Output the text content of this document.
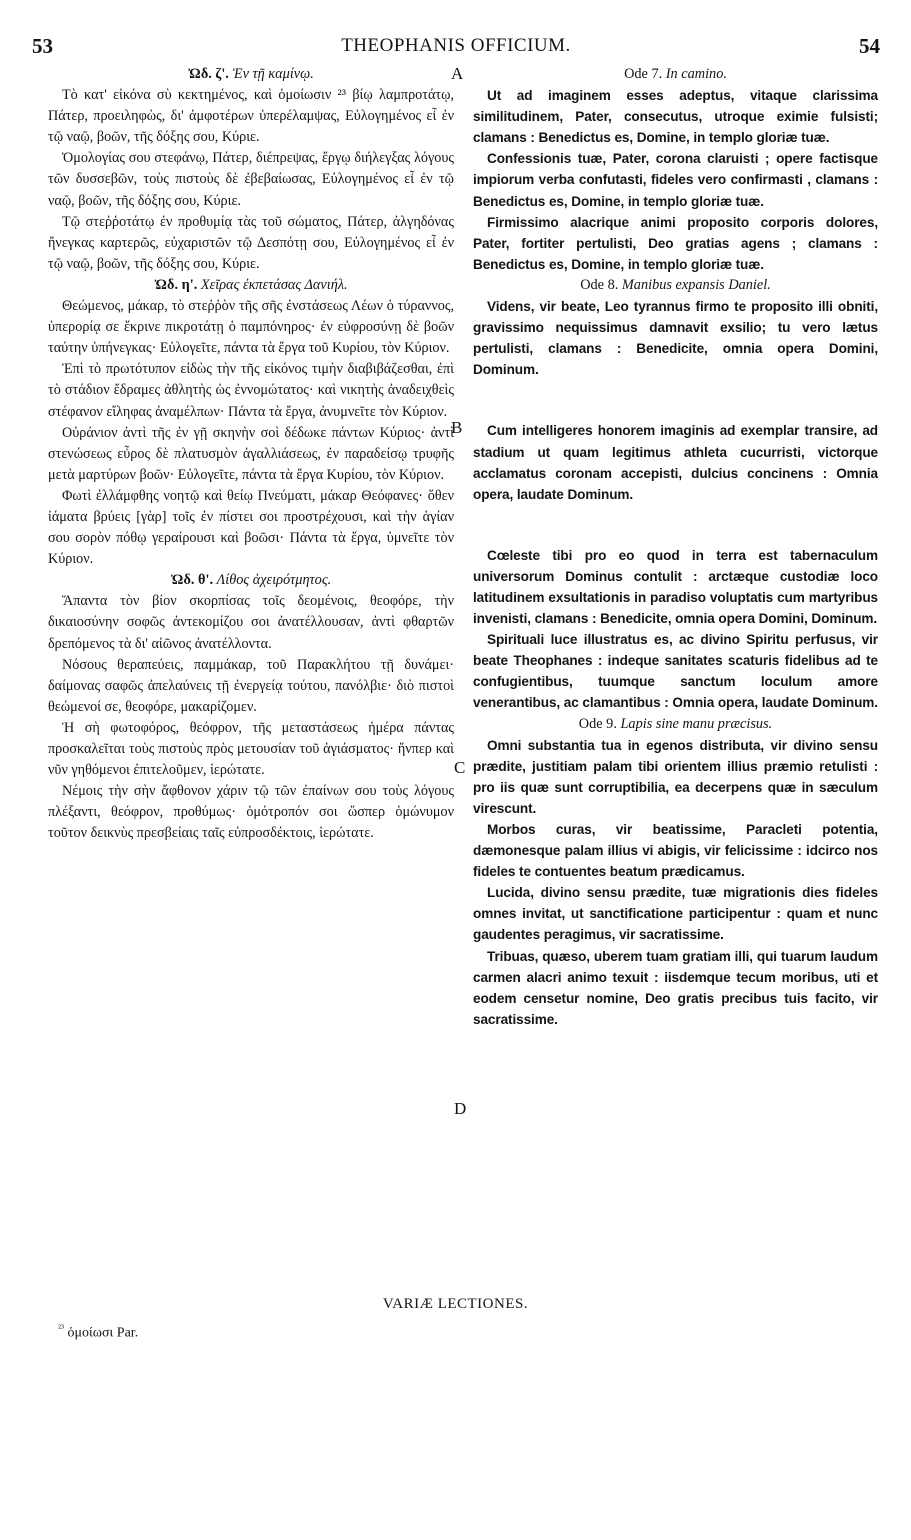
53	THEOPHANIS OFFICIUM.	54
A
B
C
D
Ὠδ. ζ'. Ἐν τῇ καμίνῳ.

Τὸ κατ' εἰκόνα σὺ κεκτημένος, καὶ ὁμοίωσιν ²³ βίῳ λαμπροτάτῳ, Πάτερ, προειληφὼς, δι' ἀμφοτέρων ὑπερέλαμψας, Εὐλογημένος εἶ ἐν τῷ ναῷ, βοῶν, τῆς δόξης σου, Κύριε.

Ὁμολογίας σου στεφάνῳ, Πάτερ, διέπρεψας, ἔργῳ διήλεγξας λόγους τῶν δυσσεβῶν, τοὺς πιστοὺς δὲ ἐβεβαίωσας, Εὐλογημένος εἶ ἐν τῷ ναῷ, βοῶν, τῆς δόξης σου, Κύριε.

Τῷ στεῤῥοτάτῳ ἐν προθυμίᾳ τὰς τοῦ σώματος, Πάτερ, ἀλγηδόνας ἤνεγκας καρτερῶς, εὐχαριστῶν τῷ Δεσπότῃ σου, Εὐλογημένος εἶ ἐν τῷ ναῷ, βοῶν, τῆς δόξης σου, Κύριε.

Ὠδ. η'. Χεῖρας ἐκπετάσας Δανιήλ.

Θεώμενος, μάκαρ, τὸ στεῤῥὸν τῆς σῆς ἐνστάσεως Λέων ὁ τύραννος, ὑπερορίᾳ σε ἔκρινε πικροτάτῃ ὁ παμπόνηρος· ἐν εὐφροσύνῃ δὲ βοῶν ταύτην ὑπήνεγκας· Εὐλογεῖτε, πάντα τὰ ἔργα τοῦ Κυρίου, τὸν Κύριον.

Ἐπὶ τὸ πρωτότυπον εἰδὼς τὴν τῆς εἰκόνος τιμὴν διαβιβάζεσθαι, ἐπὶ τὸ στάδιον ἔδραμες ἀθλητὴς ὡς ἐννομώτατος· καὶ νικητὴς ἀναδειχθεὶς στέφανον εἴληφας ἀναμέλπων· Πάντα τὰ ἔργα, ἀνυμνεῖτε τὸν Κύριον.

Οὐράνιον ἀντὶ τῆς ἐν γῇ σκηνὴν σοὶ δέδωκε πάντων Κύριος· ἀντὶ στενώσεως εὖρος δὲ πλατυσμὸν ἀγαλλιάσεως, ἐν παραδείσῳ τρυφῆς μετὰ μαρτύρων βοῶν· Εὐλογεῖτε, πάντα τὰ ἔργα Κυρίου, τὸν Κύριον.

Φωτὶ ἐλλάμφθης νοητῷ καὶ θείῳ Πνεύματι, μάκαρ Θεόφανες· ὅθεν ἰάματα βρύεις [γὰρ] τοῖς ἐν πίστει σοι προστρέχουσι, καὶ τὴν ἁγίαν σου σορὸν πόθῳ γεραίρουσι καὶ βοῶσι· Πάντα τὰ ἔργα, ὑμνεῖτε τὸν Κύριον.

Ὠδ. θ'. Λίθος ἀχειρότμητος.

Ἅπαντα τὸν βίον σκορπίσας τοῖς δεομένοις, θεοφόρε, τὴν δικαιοσύνην σοφῶς ἀντεκομίζου σοι ἀνατέλλουσαν, ἀντὶ φθαρτῶν δρεπόμενος τὰ δι' αἰῶνος ἀνατέλλοντα.

Νόσους θεραπεύεις, παμμάκαρ, τοῦ Παρακλήτου τῇ δυνάμει· δαίμονας σαφῶς ἀπελαύνεις τῇ ἐνεργείᾳ τούτου, πανόλβιε· διὸ πιστοὶ θεώμενοί σε, θεοφόρε, μακαρίζομεν.

Ἡ σὴ φωτοφόρος, θεόφρον, τῆς μεταστάσεως ἡμέρα πάντας προσκαλεῖται τοὺς πιστοὺς πρὸς μετουσίαν τοῦ ἁγιάσματος· ἥνπερ καὶ νῦν γηθόμενοι ἐπιτελοῦμεν, ἱερώτατε.

Νέμοις τὴν σὴν ἄφθονον χάριν τῷ τῶν ἐπαίνων σου τοὺς λόγους πλέξαντι, θεόφρον, προθύμως· ὁμότροπόν σοι ὥσπερ ὁμώνυμον τοῦτον δεικνὺς πρεσβείαις ταῖς εὐπροσδέκτοις, ἱερώτατε.

Ode 7. In camino.

Ut ad imaginem esses adeptus, vitaque clarissima similitudinem, Pater, consecutus, utroque eximie fulsisti; clamans : Benedictus es, Domine, in templo gloriæ tuæ.

Confessionis tuæ, Pater, corona claruisti ; opere factisque impiorum verba confutasti, fideles vero confirmasti , clamans : Benedictus es, Domine, in templo gloriæ tuæ.

Firmissimo alacrique animi proposito corporis dolores, Pater, fortiter pertulisti, Deo gratias agens ; clamans : Benedictus es, Domine, in templo gloriæ tuæ.

Ode 8. Manibus expansis Daniel.

Videns, vir beate, Leo tyrannus firmo te proposito illi obniti, gravissimo nequissimus damnavit exsilio; tu vero lætus pertulisti, clamans : Benedicite, omnia opera Domini, Dominum.

Cum intelligeres honorem imaginis ad exemplar transire, ad stadium ut quam legitimus athleta cucurristi, victorque acclamatus coronam accepisti, dulcius concinens : Omnia opera, laudate Dominum.

Cœleste tibi pro eo quod in terra est tabernaculum universorum Dominus contulit : arctæque custodiæ loco latitudinem exsultationis in paradiso voluptatis cum martyribus invenisti, clamans : Benedicite, omnia opera Domini, Dominum.

Spirituali luce illustratus es, ac divino Spiritu perfusus, vir beate Theophanes : indeque sanitates scaturis fidelibus ad te confugientibus, tuumque sanctum loculum amore venerantibus, ac clamantibus : Omnia opera, laudate Dominum.

Ode 9. Lapis sine manu præcisus.

Omni substantia tua in egenos distributa, vir divino sensu prædite, justitiam palam tibi orientem illius præmio retulisti : pro iis quæ sunt corruptibilia, ea decerpens quæ in sæculum virescunt.

Morbos curas, vir beatissime, Paracleti potentia, dæmonesque palam illius vi abigis, vir felicissime : idcirco nos fideles te contuentes beatum prædicamus.

Lucida, divino sensu prædite, tuæ migrationis dies fideles omnes invitat, ut sanctificatione participentur : quam et nunc gaudentes peragimus, vir sacratissime.

Tribuas, quæso, uberem tuam gratiam illi, qui tuarum laudum carmen alacri animo texuit : iisdemque tecum moribus, uti et eodem censetur nomine, Deo gratis precibus tuis facito, vir sacratissime.

VARIÆ LECTIONES.
$^{^{23}}$ ὁμοίωσι Par.
